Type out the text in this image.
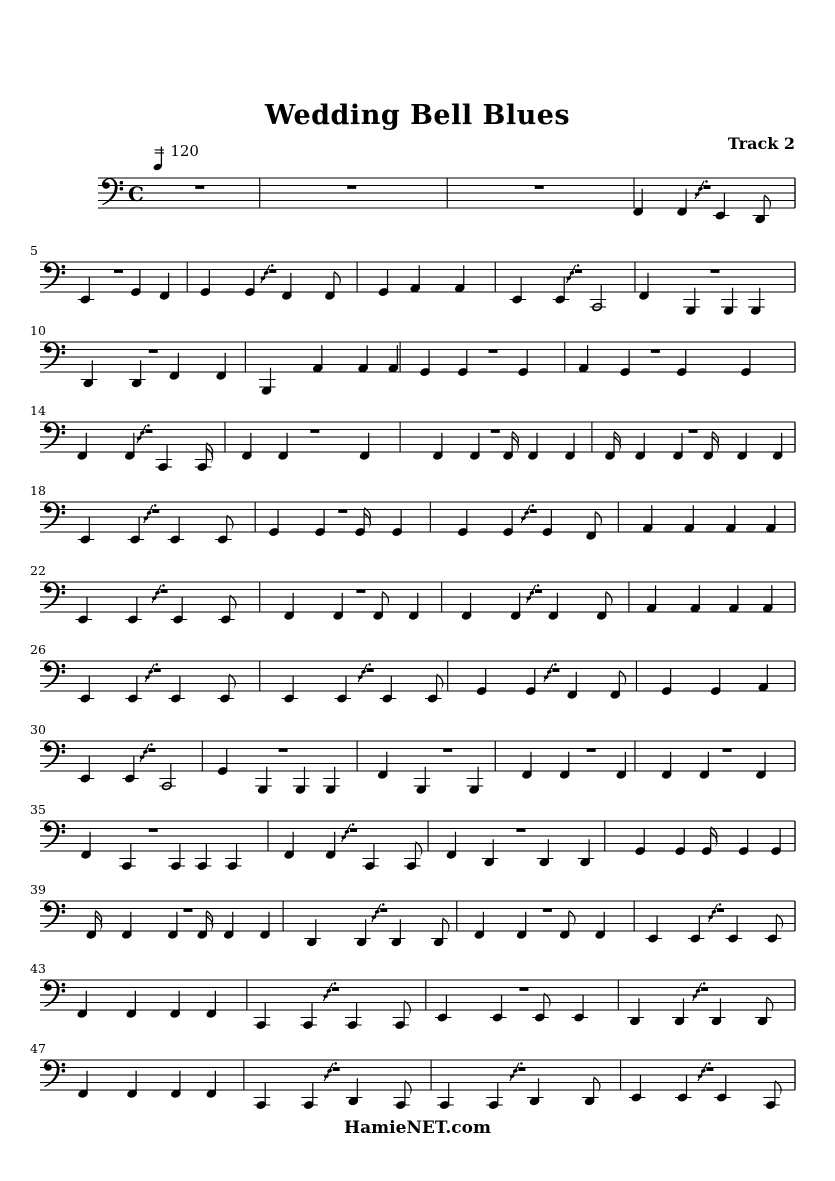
Wedding Bell Blues
Track 2
= 120
C
5
10
14
18
22
26
30
35
39
43
47
HamieNET.com
